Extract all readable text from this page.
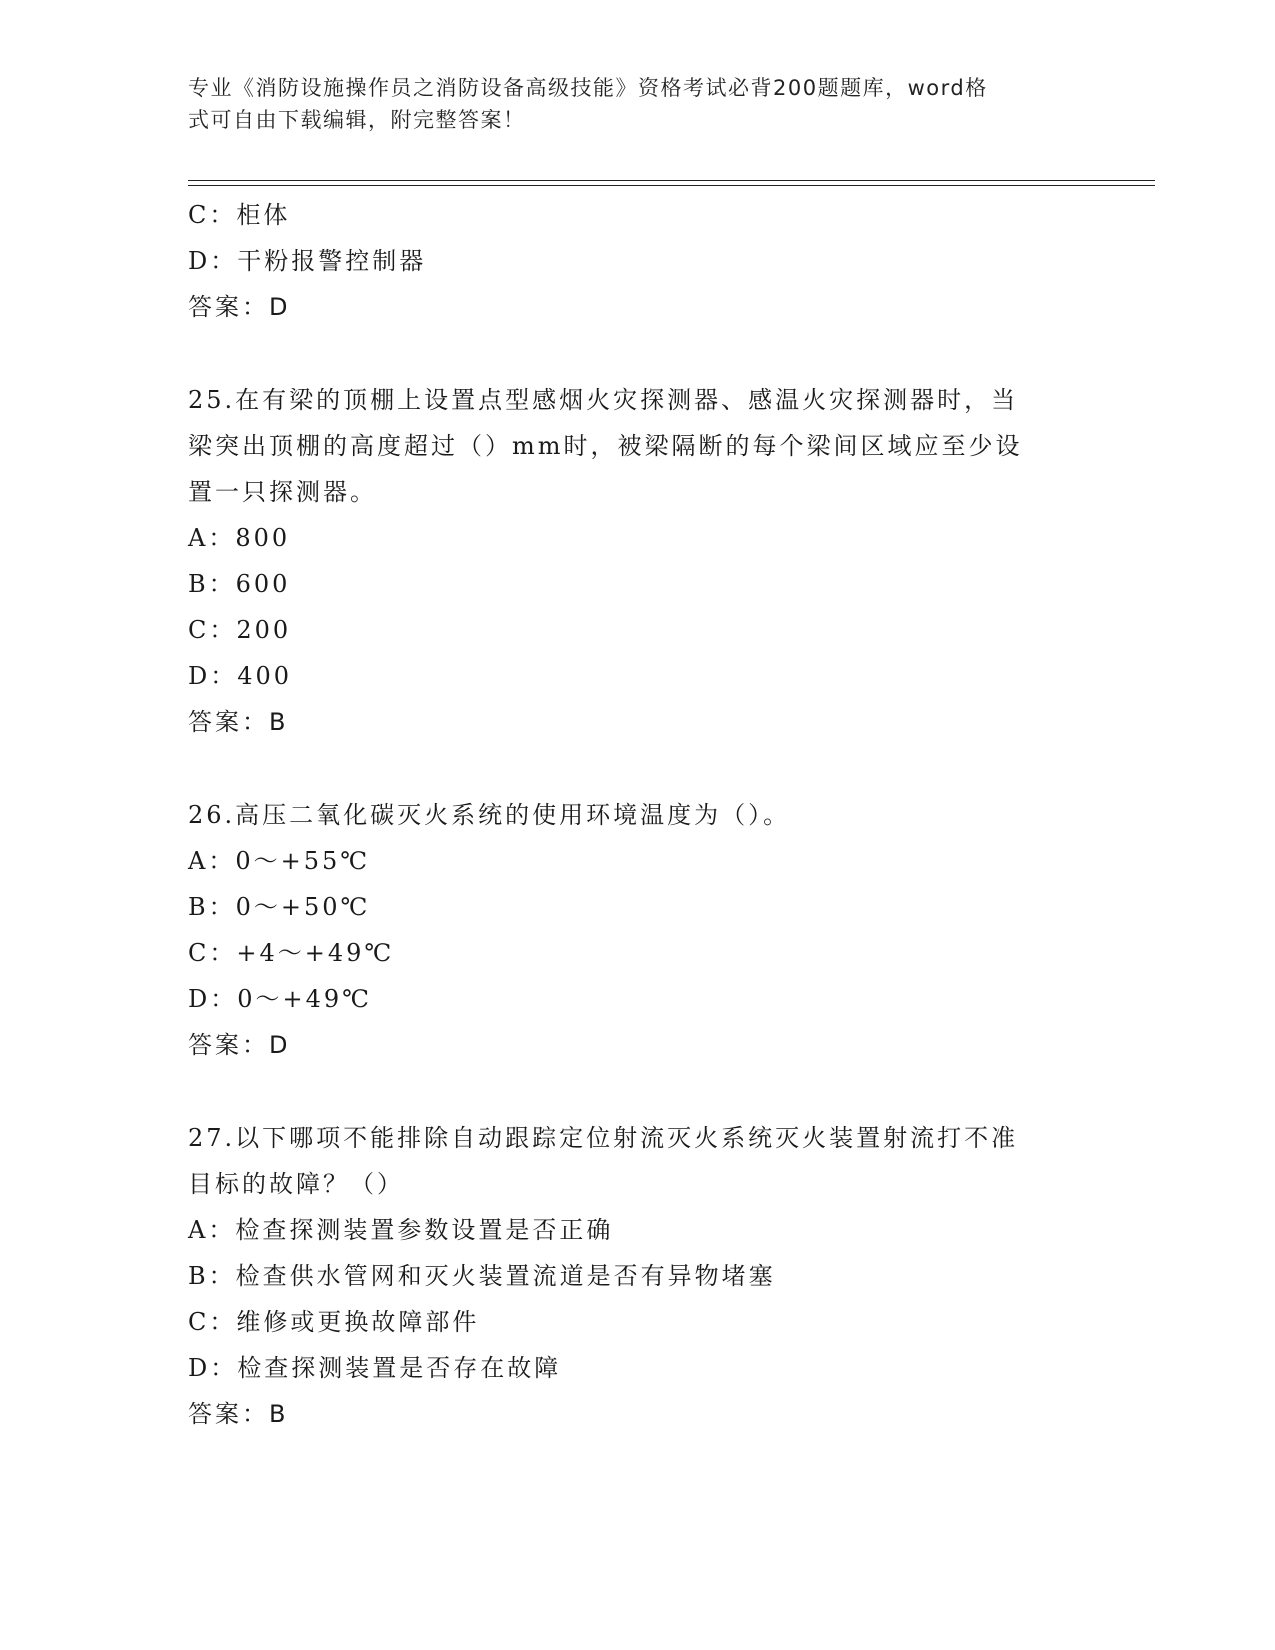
专业《消防设施操作员之消防设备高级技能》资格考试必背200题题库，word格
式可自由下载编辑，附完整答案！
C：柜体
D：干粉报警控制器
答案：D
25.在有梁的顶棚上设置点型感烟火灾探测器、感温火灾探测器时，当
梁突出顶棚的高度超过（）mm时，被梁隔断的每个梁间区域应至少设
置一只探测器。
A：800
B：600
C：200
D：400
答案：B
26.高压二氧化碳灭火系统的使用环境温度为（）。
A：0～+55℃
B：0～+50℃
C：+4～+49℃
D：0～+49℃
答案：D
27.以下哪项不能排除自动跟踪定位射流灭火系统灭火装置射流打不准
目标的故障？（）
A：检查探测装置参数设置是否正确
B：检查供水管网和灭火装置流道是否有异物堵塞
C：维修或更换故障部件
D：检查探测装置是否存在故障
答案：B
